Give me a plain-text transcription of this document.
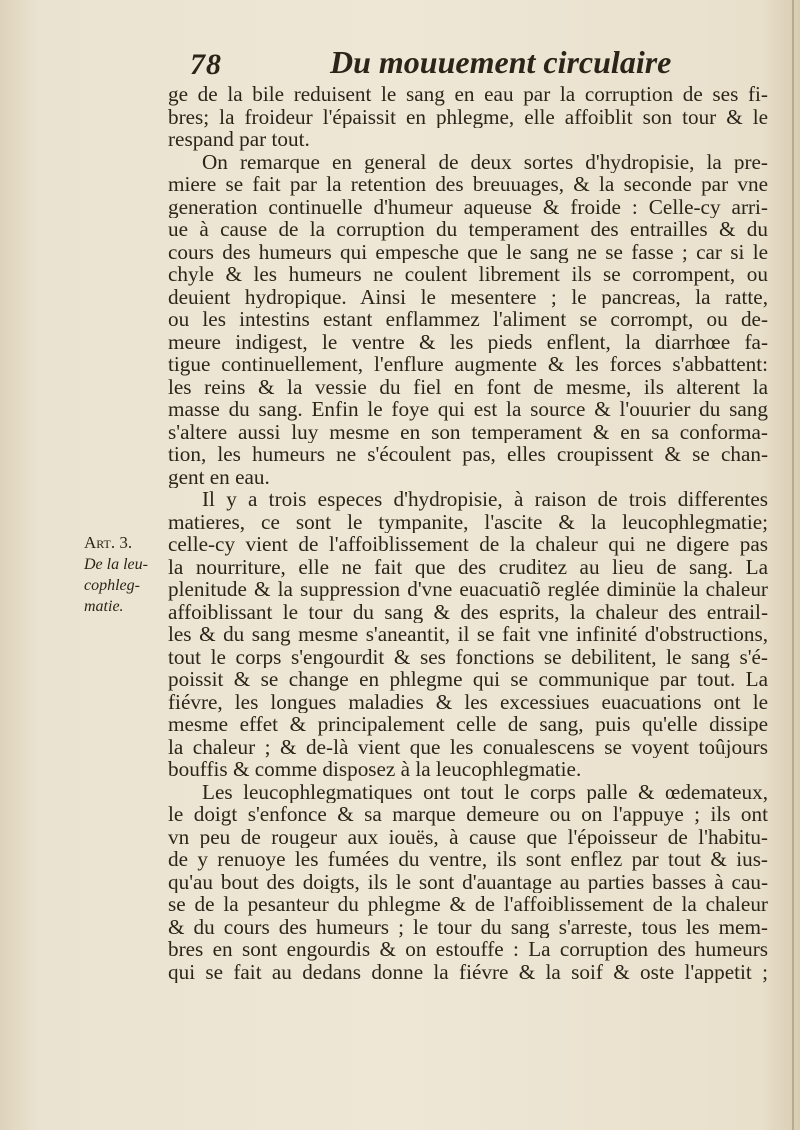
78	Du mouuement circulaire
Art. 3.
De la leu-
cophleg-
matie.
ge de la bile reduisent le sang en eau par la corruption de ses fi-
bres; la froideur l'épaissit en phlegme, elle affoiblit son tour & le
respand par tout.
On remarque en general de deux sortes d'hydropisie, la pre-
miere se fait par la retention des breuuages, & la seconde par vne
generation continuelle d'humeur aqueuse & froide : Celle-cy arri-
ue à cause de la corruption du temperament des entrailles & du
cours des humeurs qui empesche que le sang ne se fasse ; car si le
chyle & les humeurs ne coulent librement ils se corrompent, ou
deuient hydropique. Ainsi le mesentere ; le pancreas, la ratte,
ou les intestins estant enflammez l'aliment se corrompt, ou de-
meure indigest, le ventre & les pieds enflent, la diarrhœe fa-
tigue continuellement, l'enflure augmente & les forces s'abbattent:
les reins & la vessie du fiel en font de mesme, ils alterent la
masse du sang. Enfin le foye qui est la source & l'ouurier du sang
s'altere aussi luy mesme en son temperament & en sa conforma-
tion, les humeurs ne s'écoulent pas, elles croupissent & se chan-
gent en eau.
Il y a trois especes d'hydropisie, à raison de trois differentes
matieres, ce sont le tympanite, l'ascite & la leucophlegmatie;
celle-cy vient de l'affoiblissement de la chaleur qui ne digere pas
la nourriture, elle ne fait que des cruditez au lieu de sang. La
plenitude & la suppression d'vne euacuatiõ reglée diminüe la chaleur
affoiblissant le tour du sang & des esprits, la chaleur des entrail-
les & du sang mesme s'aneantit, il se fait vne infinité d'obstructions,
tout le corps s'engourdit & ses fonctions se debilitent, le sang s'é-
poissit & se change en phlegme qui se communique par tout. La
fiévre, les longues maladies & les excessiues euacuations ont le
mesme effet & principalement celle de sang, puis qu'elle dissipe
la chaleur ; & de-là vient que les conualescens se voyent toûjours
bouffis & comme disposez à la leucophlegmatie.
Les leucophlegmatiques ont tout le corps palle & œdemateux,
le doigt s'enfonce & sa marque demeure ou on l'appuye ; ils ont
vn peu de rougeur aux iouës, à cause que l'époisseur de l'habitu-
de y renuoye les fumées du ventre, ils sont enflez par tout & ius-
qu'au bout des doigts, ils le sont d'auantage au parties basses à cau-
se de la pesanteur du phlegme & de l'affoiblissement de la chaleur
& du cours des humeurs ; le tour du sang s'arreste, tous les mem-
bres en sont engourdis & on estouffe : La corruption des humeurs
qui se fait au dedans donne la fiévre & la soif & oste l'appetit ;
